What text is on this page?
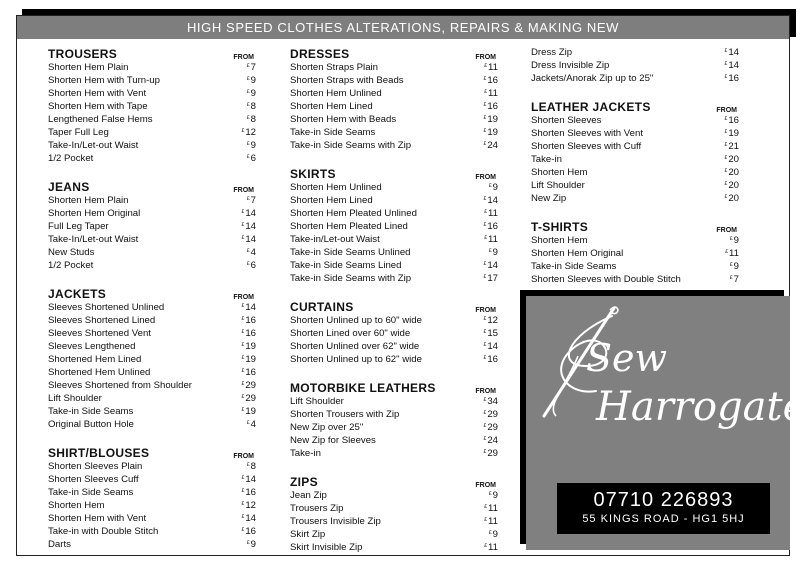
HIGH SPEED CLOTHES ALTERATIONS, REPAIRS & MAKING NEW
TROUSERS	FROM
Shorten Hem Plain	£7
Shorten Hem with Turn-up	£9
Shorten Hem with Vent	£9
Shorten Hem with Tape	£8
Lengthened False Hems	£8
Taper Full Leg	£12
Take-In/Let-out Waist	£9
1/2 Pocket	£6
JEANS	FROM
Shorten Hem Plain	£7
Shorten Hem Original	£14
Full Leg Taper	£14
Take-In/Let-out Waist	£14
New Studs	£4
1/2 Pocket	£6
JACKETS	FROM
Sleeves Shortened Unlined	£14
Sleeves Shortened Lined	£16
Sleeves Shortened Vent	£16
Sleeves Lengthened	£19
Shortened Hem Lined	£19
Shortened Hem Unlined	£16
Sleeves Shortened from Shoulder	£29
Lift Shoulder	£29
Take-in Side Seams	£19
Original Button Hole	£4
SHIRT/BLOUSES	FROM
Shorten Sleeves Plain	£8
Shorten Sleeves Cuff	£14
Take-in Side Seams	£16
Shorten Hem	£12
Shorten Hem with Vent	£14
Take-in with Double Stitch	£16
Darts	£9
DRESSES	FROM
Shorten Straps Plain	£11
Shorten Straps with Beads	£16
Shorten Hem Unlined	£11
Shorten Hem Lined	£16
Shorten Hem with Beads	£19
Take-in Side Seams	£19
Take-in Side Seams with Zip	£24
SKIRTS	FROM
Shorten Hem Unlined	£9
Shorten Hem Lined	£14
Shorten Hem Pleated Unlined	£11
Shorten Hem Pleated Lined	£16
Take-in/Let-out Waist	£11
Take-in Side Seams Unlined	£9
Take-in Side Seams Lined	£14
Take-in Side Seams with Zip	£17
CURTAINS	FROM
Shorten Unlined up to 60" wide	£12
Shorten Lined over 60" wide	£15
Shorten Unlined over 62" wide	£14
Shorten Unlined up to 62" wide	£16
MOTORBIKE LEATHERS	FROM
Lift Shoulder	£34
Shorten Trousers with Zip	£29
New Zip over 25"	£29
New Zip for Sleeves	£24
Take-in	£29
ZIPS	FROM
Jean Zip	£9
Trousers Zip	£11
Trousers Invisible Zip	£11
Skirt Zip	£9
Skirt Invisible Zip	£11
Dress Zip	£14
Dress Invisible Zip	£14
Jackets/Anorak Zip up to 25"	£16
LEATHER JACKETS	FROM
Shorten Sleeves	£16
Shorten Sleeves with Vent	£19
Shorten Sleeves with Cuff	£21
Take-in	£20
Shorten Hem	£20
Lift Shoulder	£20
New Zip	£20
T-SHIRTS	FROM
Shorten Hem	£9
Shorten Hem Original	£11
Take-in Side Seams	£9
Shorten Sleeves with Double Stitch	£7
Sew
Harrogate
07710 226893
55 KINGS ROAD - HG1 5HJ
